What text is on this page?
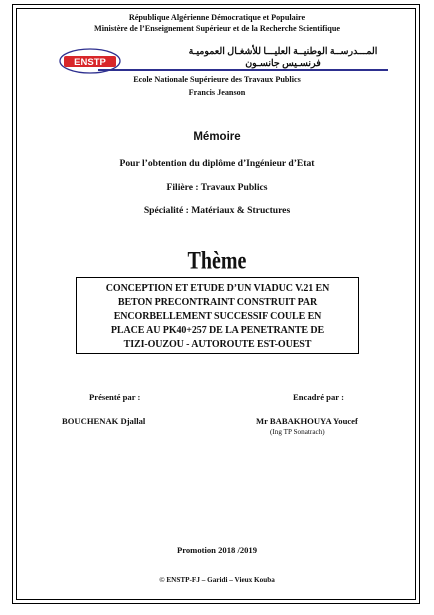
République Algérienne Démocratique et Populaire
Ministère de l’Enseignement Supérieur et de la Recherche Scientifique
ENSTP
المـــدرســة الوطنيــة العليـــا للأشغـال العموميـة
فرنسـيس جانسـون
Ecole Nationale Supérieure des Travaux Publics
Francis Jeanson
Mémoire
Pour l’obtention du diplôme d’Ingénieur d’Etat
Filière : Travaux Publics
Spécialité : Matériaux & Structures
Thème
CONCEPTION ET ETUDE D’UN VIADUC V.21 EN
BETON PRECONTRAINT CONSTRUIT PAR
ENCORBELLEMENT SUCCESSIF COULE EN
PLACE AU PK40+257 DE LA PENETRANTE DE
TIZI-OUZOU - AUTOROUTE EST-OUEST
Présenté par :	Encadré par :
BOUCHENAK Djallal	Mr BABAKHOUYA Youcef
(Ing TP Sonatrach)
Promotion 2018 /2019
© ENSTP-FJ – Garidi – Vieux Kouba
